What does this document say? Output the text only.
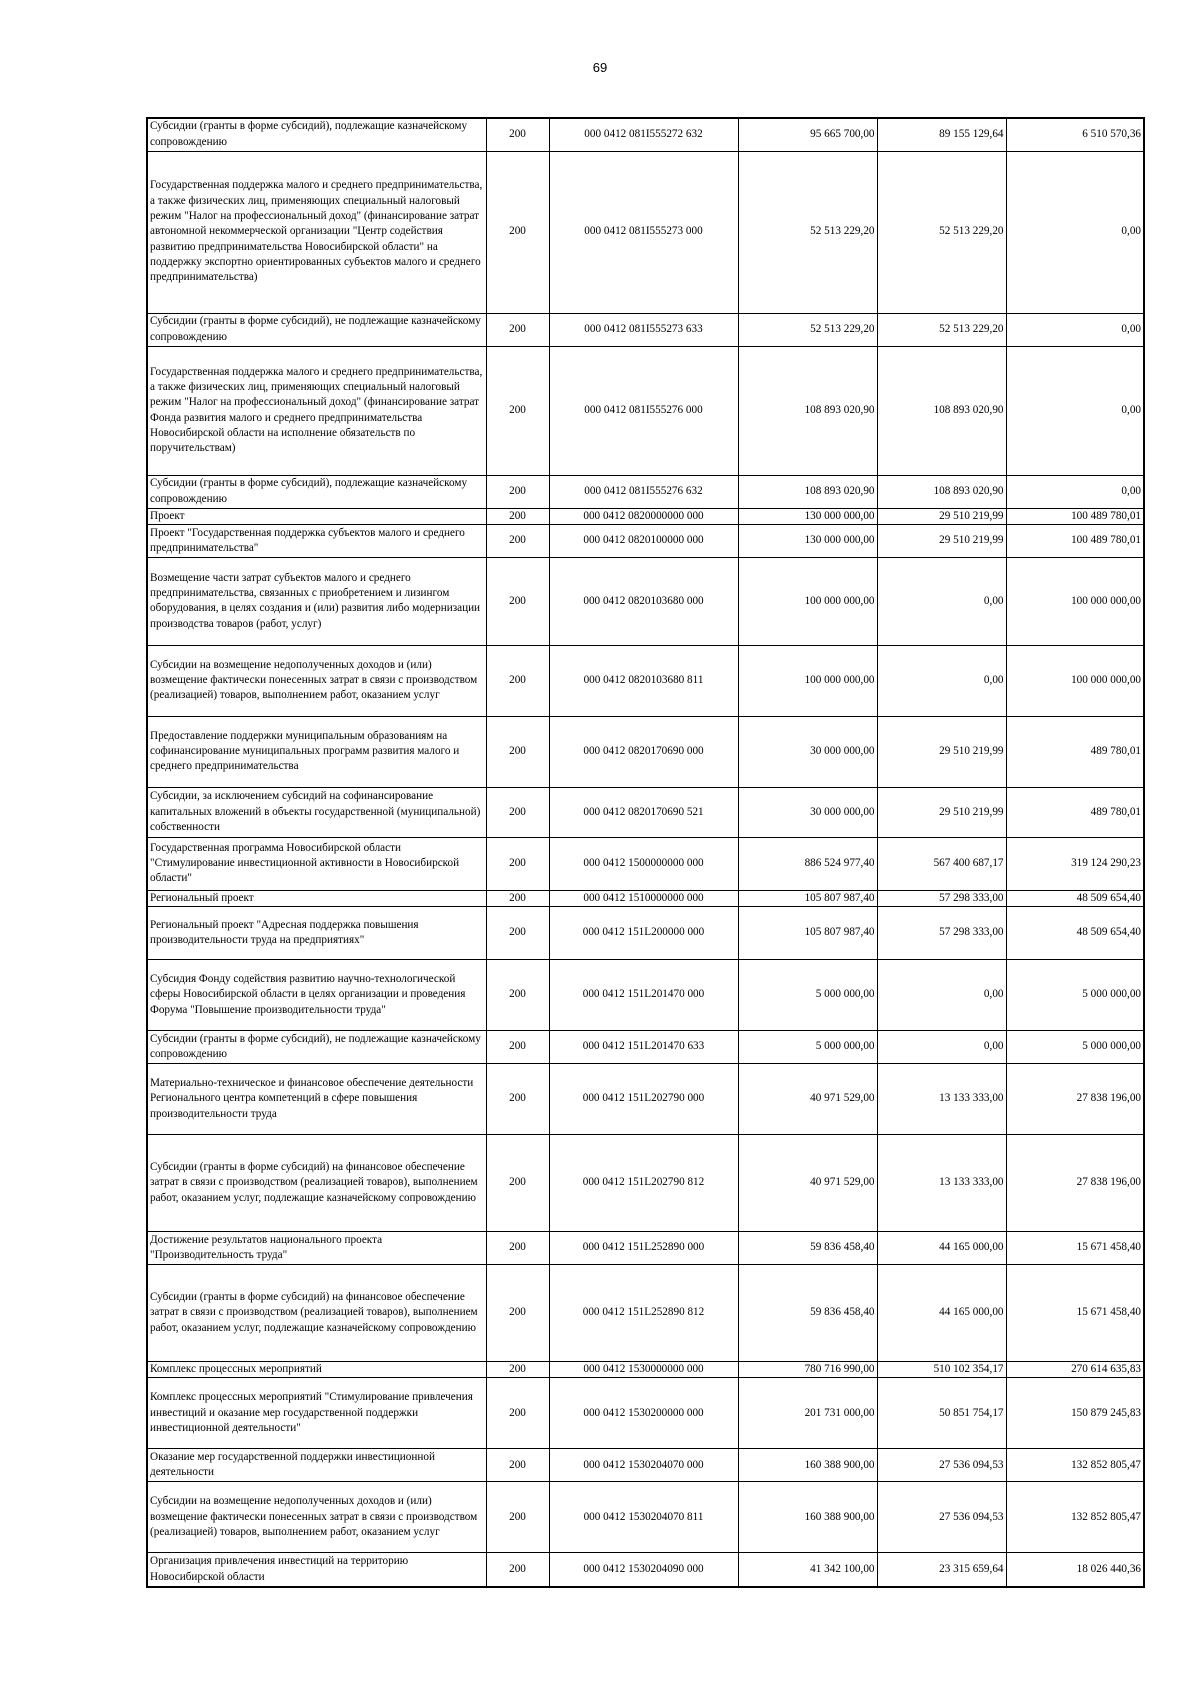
69
Субсидии (гранты в форме субсидий), подлежащие казначейскому сопровождению	200	000 0412 081I555272 632	95 665 700,00	89 155 129,64	6 510 570,36
Государственная поддержка малого и среднего предпринимательства, а также физических лиц, применяющих специальный налоговый режим "Налог на профессиональный доход" (финансирование затрат автономной некоммерческой организации "Центр содействия развитию предпринимательства Новосибирской области" на поддержку экспортно ориентированных субъектов малого и среднего предпринимательства)	200	000 0412 081I555273 000	52 513 229,20	52 513 229,20	0,00
Субсидии (гранты в форме субсидий), не подлежащие казначейскому сопровождению	200	000 0412 081I555273 633	52 513 229,20	52 513 229,20	0,00
Государственная поддержка малого и среднего предпринимательства, а также физических лиц, применяющих специальный налоговый режим "Налог на профессиональный доход" (финансирование затрат Фонда развития малого и среднего предпринимательства Новосибирской области на исполнение обязательств по поручительствам)	200	000 0412 081I555276 000	108 893 020,90	108 893 020,90	0,00
Субсидии (гранты в форме субсидий), подлежащие казначейскому сопровождению	200	000 0412 081I555276 632	108 893 020,90	108 893 020,90	0,00
Проект	200	000 0412 0820000000 000	130 000 000,00	29 510 219,99	100 489 780,01
Проект "Государственная поддержка субъектов малого и среднего предпринимательства"	200	000 0412 0820100000 000	130 000 000,00	29 510 219,99	100 489 780,01
Возмещение части затрат субъектов малого и среднего предпринимательства, связанных с приобретением и лизингом оборудования, в целях создания и (или) развития либо модернизации производства товаров (работ, услуг)	200	000 0412 0820103680 000	100 000 000,00	0,00	100 000 000,00
Субсидии на возмещение недополученных доходов и (или) возмещение фактически понесенных затрат в связи с производством (реализацией) товаров, выполнением работ, оказанием услуг	200	000 0412 0820103680 811	100 000 000,00	0,00	100 000 000,00
Предоставление поддержки муниципальным образованиям на софинансирование муниципальных программ развития малого и среднего предпринимательства	200	000 0412 0820170690 000	30 000 000,00	29 510 219,99	489 780,01
Субсидии, за исключением субсидий на софинансирование капитальных вложений в объекты государственной (муниципальной) собственности	200	000 0412 0820170690 521	30 000 000,00	29 510 219,99	489 780,01
Государственная программа Новосибирской области "Стимулирование инвестиционной активности в Новосибирской области"	200	000 0412 1500000000 000	886 524 977,40	567 400 687,17	319 124 290,23
Региональный проект	200	000 0412 1510000000 000	105 807 987,40	57 298 333,00	48 509 654,40
Региональный проект "Адресная поддержка повышения производительности труда на предприятиях"	200	000 0412 151L200000 000	105 807 987,40	57 298 333,00	48 509 654,40
Субсидия Фонду содействия развитию научно-технологической сферы Новосибирской области в целях организации и проведения Форума "Повышение производительности труда"	200	000 0412 151L201470 000	5 000 000,00	0,00	5 000 000,00
Субсидии (гранты в форме субсидий), не подлежащие казначейскому сопровождению	200	000 0412 151L201470 633	5 000 000,00	0,00	5 000 000,00
Материально-техническое и финансовое обеспечение деятельности Регионального центра компетенций в сфере повышения производительности труда	200	000 0412 151L202790 000	40 971 529,00	13 133 333,00	27 838 196,00
Субсидии (гранты в форме субсидий) на финансовое обеспечение затрат в связи с производством (реализацией товаров), выполнением работ, оказанием услуг, подлежащие казначейскому сопровождению	200	000 0412 151L202790 812	40 971 529,00	13 133 333,00	27 838 196,00
Достижение результатов национального проекта "Производительность труда"	200	000 0412 151L252890 000	59 836 458,40	44 165 000,00	15 671 458,40
Субсидии (гранты в форме субсидий) на финансовое обеспечение затрат в связи с производством (реализацией товаров), выполнением работ, оказанием услуг, подлежащие казначейскому сопровождению	200	000 0412 151L252890 812	59 836 458,40	44 165 000,00	15 671 458,40
Комплекс процессных мероприятий	200	000 0412 1530000000 000	780 716 990,00	510 102 354,17	270 614 635,83
Комплекс процессных мероприятий "Стимулирование привлечения инвестиций и оказание мер государственной поддержки инвестиционной деятельности"	200	000 0412 1530200000 000	201 731 000,00	50 851 754,17	150 879 245,83
Оказание мер государственной поддержки инвестиционной деятельности	200	000 0412 1530204070 000	160 388 900,00	27 536 094,53	132 852 805,47
Субсидии на возмещение недополученных доходов и (или) возмещение фактически понесенных затрат в связи с производством (реализацией) товаров, выполнением работ, оказанием услуг	200	000 0412 1530204070 811	160 388 900,00	27 536 094,53	132 852 805,47
Организация привлечения инвестиций на территорию Новосибирской области	200	000 0412 1530204090 000	41 342 100,00	23 315 659,64	18 026 440,36
